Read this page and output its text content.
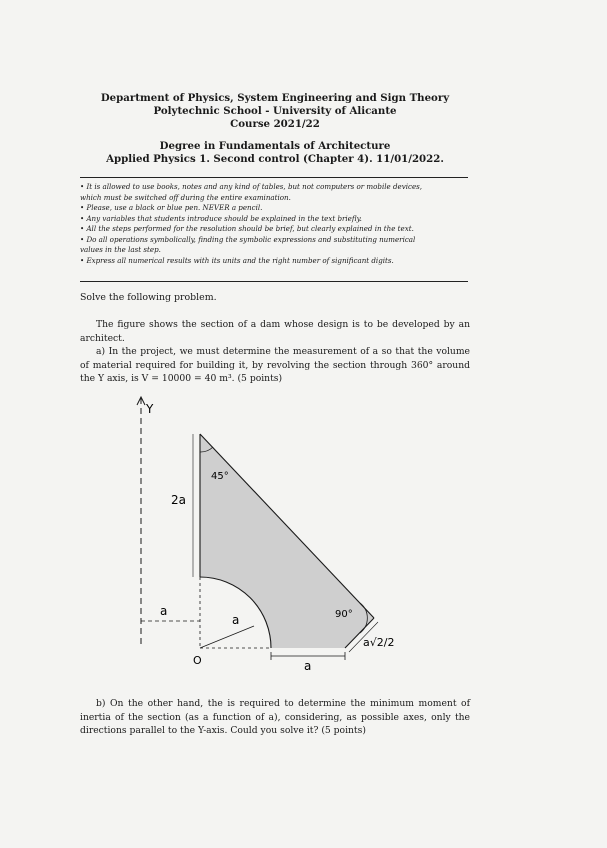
Department of Physics, System Engineering and Sign Theory
Polytechnic School - University of Alicante
Course 2021/22
Degree in Fundamentals of Architecture
Applied Physics 1. Second control (Chapter 4). 11/01/2022.
• It is allowed to use books, notes and any kind of tables, but not computers or mobile devices,
which must be switched off during the entire examination.
• Please, use a black or blue pen. NEVER a pencil.
• Any variables that students introduce should be explained in the text briefly.
• All the steps performed for the resolution should be brief, but clearly explained in the text.
• Do all operations symbolically, finding the symbolic expressions and substituting numerical
values in the last step.
• Express all numerical results with its units and the right number of significant digits.
Solve the following problem.
The figure shows the section of a dam whose design is to be developed by an architect.
a) In the project, we must determine the measurement of a so that the volume of material required for building it, by revolving the section through 360° around the Y axis, is V = 10000 = 40 m³. (5 points)
Y
45°
2a
a
a
O	a
90°
a√2/2
b) On the other hand, the is required to determine the minimum moment of inertia of the section (as a function of a), considering, as possible axes, only the directions parallel to the Y-axis. Could you solve it? (5 points)
